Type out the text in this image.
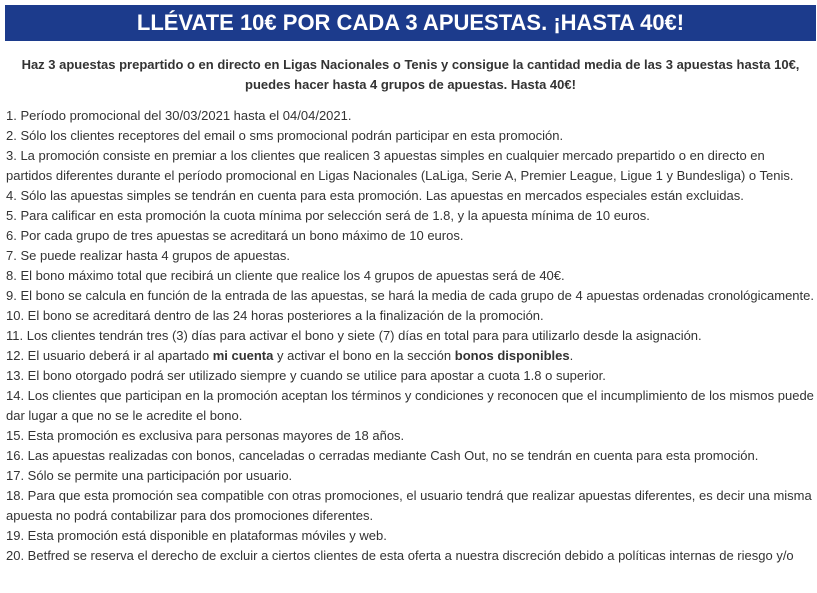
LLÉVATE 10€ POR CADA 3 APUESTAS. ¡HASTA 40€!
Haz 3 apuestas prepartido o en directo en Ligas Nacionales o Tenis y consigue la cantidad media de las 3 apuestas hasta 10€,
puedes hacer hasta 4 grupos de apuestas. Hasta 40€!
1. Período promocional del 30/03/2021 hasta el 04/04/2021.
2. Sólo los clientes receptores del email o sms promocional podrán participar en esta promoción.
3. La promoción consiste en premiar a los clientes que realicen 3 apuestas simples en cualquier mercado prepartido o en directo en partidos diferentes durante el período promocional en Ligas Nacionales (LaLiga, Serie A, Premier League, Ligue 1 y Bundesliga) o Tenis.
4. Sólo las apuestas simples se tendrán en cuenta para esta promoción. Las apuestas en mercados especiales están excluidas.
5. Para calificar en esta promoción la cuota mínima por selección será de 1.8, y la apuesta mínima de 10 euros.
6. Por cada grupo de tres apuestas se acreditará un bono máximo de 10 euros.
7. Se puede realizar hasta 4 grupos de apuestas.
8. El bono máximo total que recibirá un cliente que realice los 4 grupos de apuestas será de 40€.
9. El bono se calcula en función de la entrada de las apuestas, se hará la media de cada grupo de 4 apuestas ordenadas cronológicamente.
10. El bono se acreditará dentro de las 24 horas posteriores a la finalización de la promoción.
11. Los clientes tendrán tres (3) días para activar el bono y siete (7) días en total para para utilizarlo desde la asignación.
12. El usuario deberá ir al apartado mi cuenta y activar el bono en la sección bonos disponibles.
13. El bono otorgado podrá ser utilizado siempre y cuando se utilice para apostar a cuota 1.8 o superior.
14. Los clientes que participan en la promoción aceptan los términos y condiciones y reconocen que el incumplimiento de los mismos puede dar lugar a que no se le acredite el bono.
15. Esta promoción es exclusiva para personas mayores de 18 años.
16. Las apuestas realizadas con bonos, canceladas o cerradas mediante Cash Out, no se tendrán en cuenta para esta promoción.
17. Sólo se permite una participación por usuario.
18. Para que esta promoción sea compatible con otras promociones, el usuario tendrá que realizar apuestas diferentes, es decir una misma apuesta no podrá contabilizar para dos promociones diferentes.
19. Esta promoción está disponible en plataformas móviles y web.
20. Betfred se reserva el derecho de excluir a ciertos clientes de esta oferta a nuestra discreción debido a políticas internas de riesgo y/o
